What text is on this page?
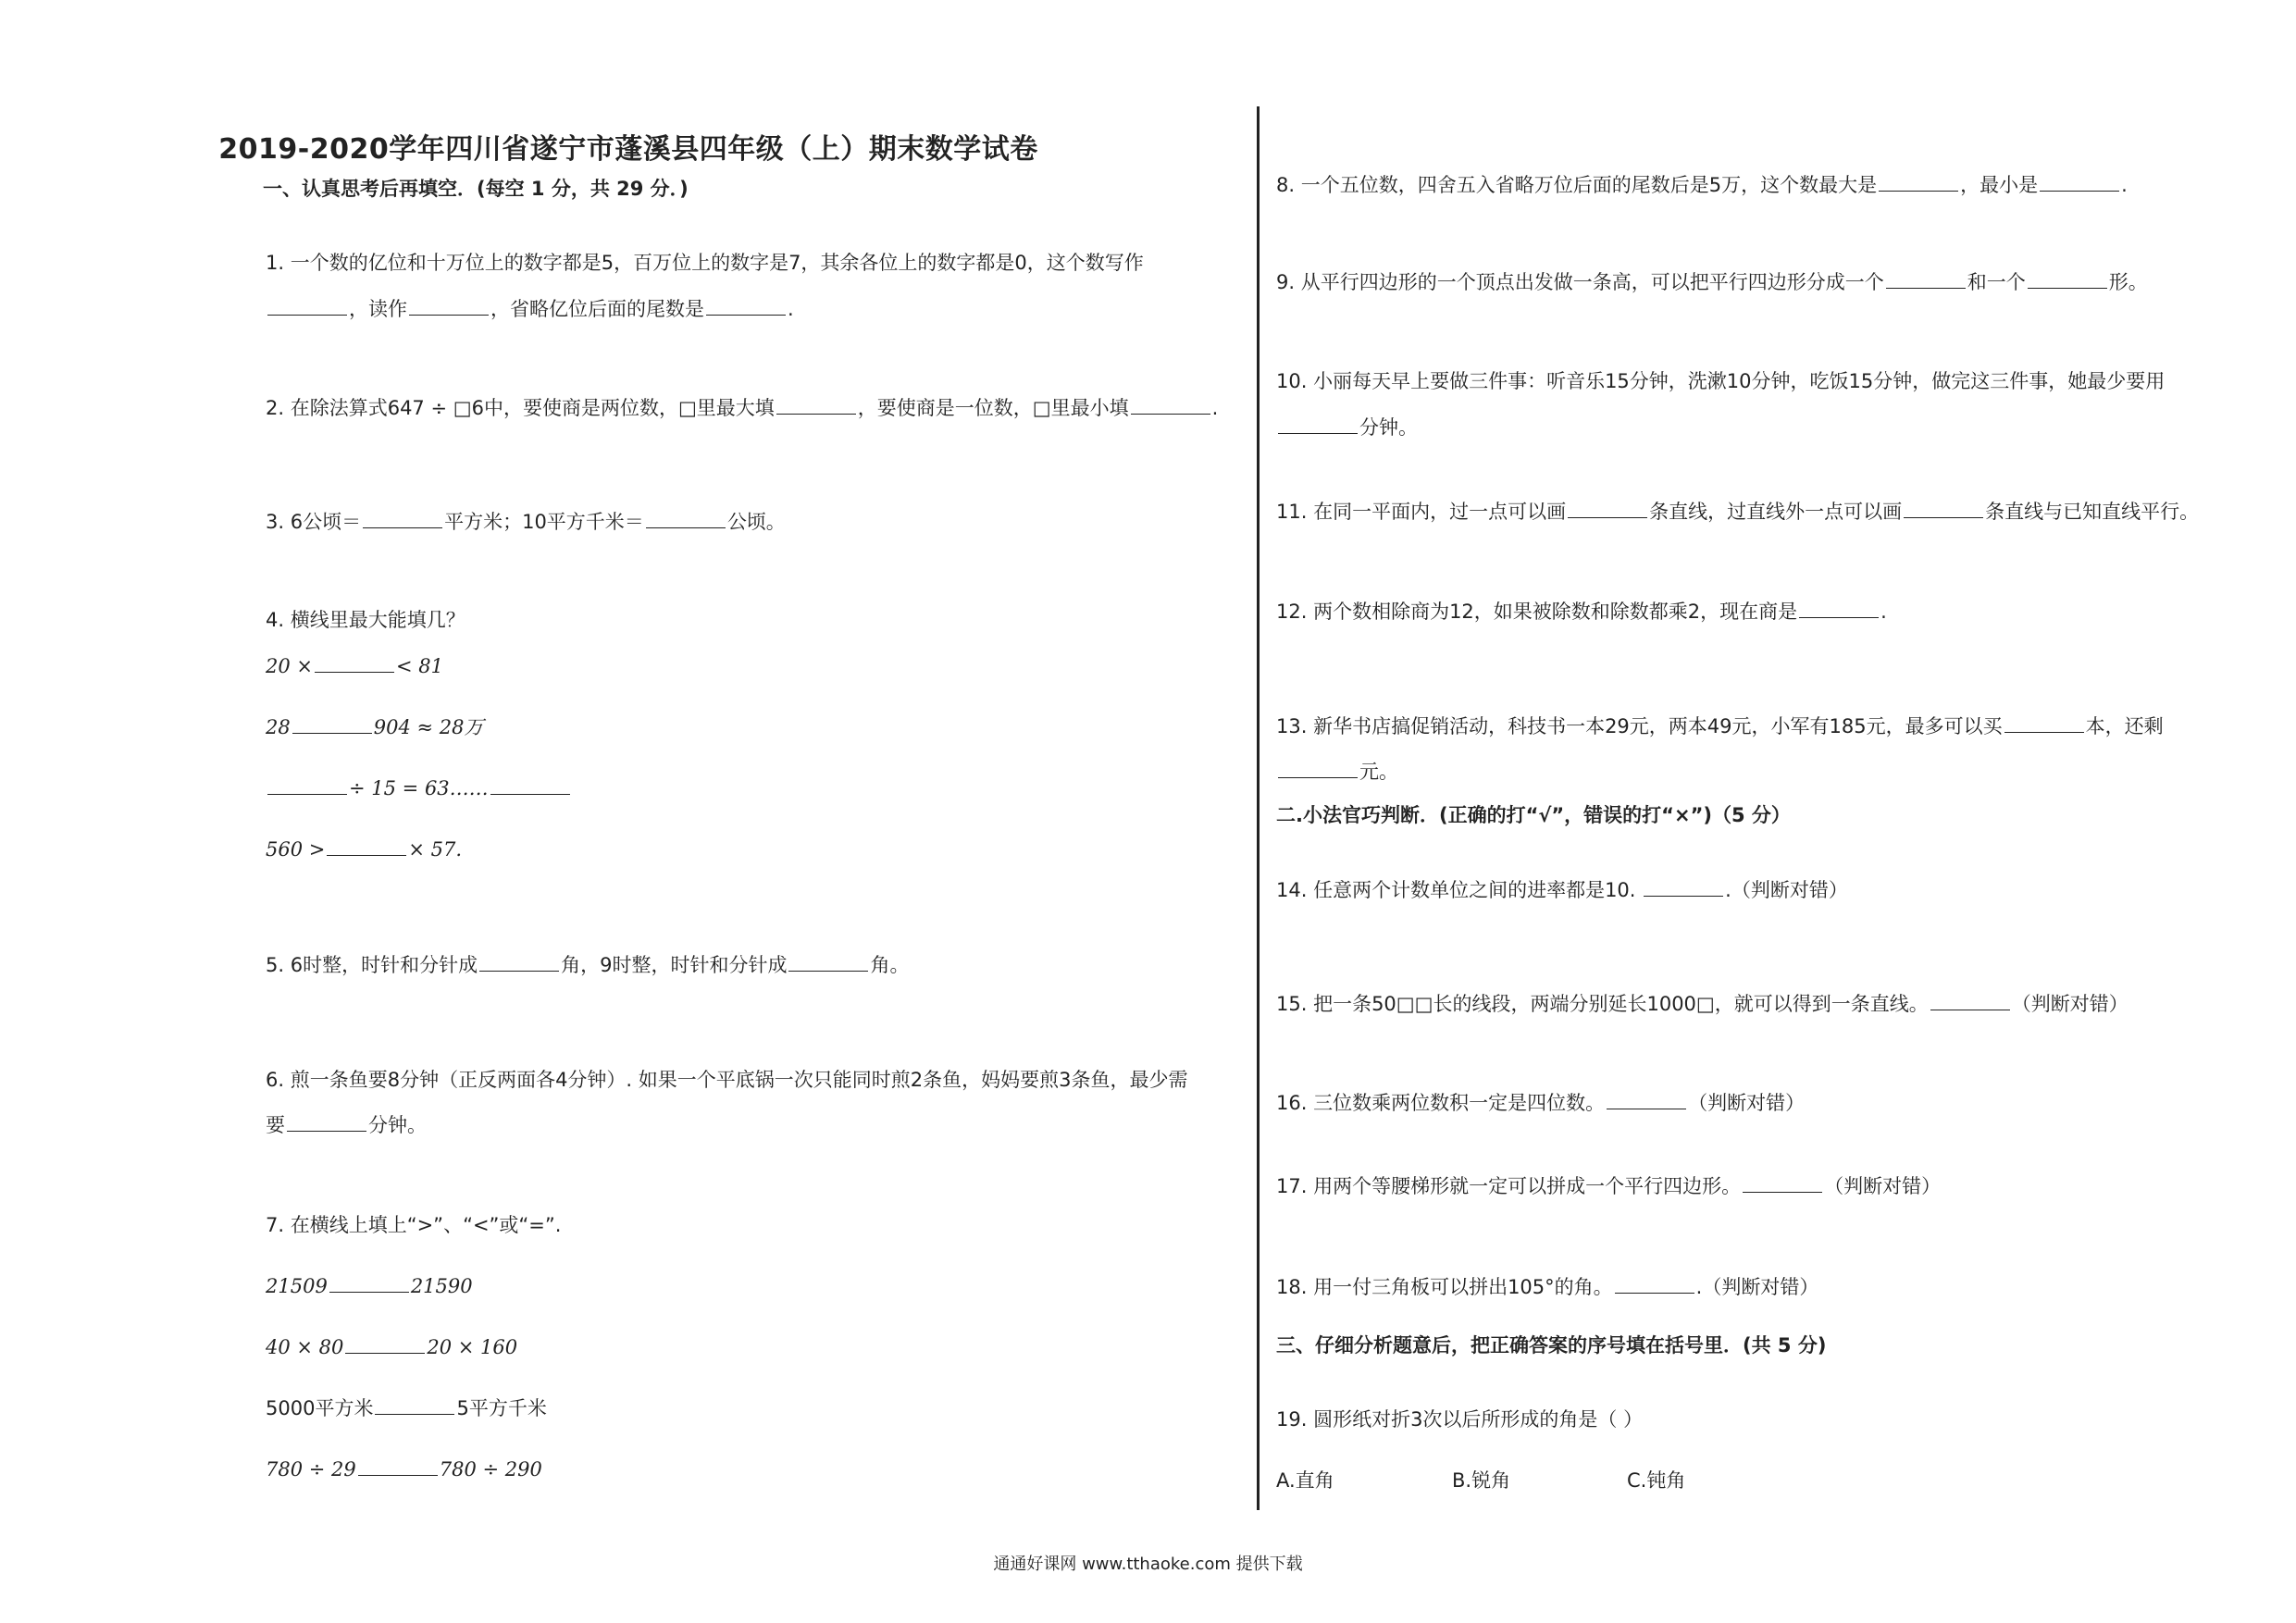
2019-2020学年四川省遂宁市蓬溪县四年级（上）期末数学试卷
一、认真思考后再填空．(每空 1 分，共 29 分．)
1. 一个数的亿位和十万位上的数字都是5，百万位上的数字是7，其余各位上的数字都是0，这个数写作
，读作	，省略亿位后面的尾数是	.
2. 在除法算式647 ÷ □6中，要使商是两位数，□里最大填	，要使商是一位数，□里最小填	.
3. 6公顷＝	平方米；10平方千米＝	公顷。
4. 横线里最大能填几？
20 ×	< 81
28	904 ≈ 28万
÷ 15 = 63……
560 >	× 57.
5. 6时整，时针和分针成	角，9时整，时针和分针成	角。
6. 煎一条鱼要8分钟（正反两面各4分钟）. 如果一个平底锅一次只能同时煎2条鱼，妈妈要煎3条鱼，最少需
要	分钟。
7. 在横线上填上“>”、“<”或“=”.
21509	21590
40 × 80	20 × 160
5000平方米	5平方千米
780 ÷ 29	780 ÷ 290
8. 一个五位数，四舍五入省略万位后面的尾数后是5万，这个数最大是	，最小是	.
9. 从平行四边形的一个顶点出发做一条高，可以把平行四边形分成一个	和一个	形。
10. 小丽每天早上要做三件事：听音乐15分钟，洗漱10分钟，吃饭15分钟，做完这三件事，她最少要用
分钟。
11. 在同一平面内，过一点可以画	条直线，过直线外一点可以画	条直线与已知直线平行。
12. 两个数相除商为12，如果被除数和除数都乘2，现在商是	.
13. 新华书店搞促销活动，科技书一本29元，两本49元，小军有185元，最多可以买	本，还剩
元。
二.小法官巧判断．(正确的打“√”，错误的打“×”)（5 分）
14. 任意两个计数单位之间的进率都是10.	.（判断对错）
15. 把一条50□□长的线段，两端分别延长1000□，就可以得到一条直线。	（判断对错）
16. 三位数乘两位数积一定是四位数。	（判断对错）
17. 用两个等腰梯形就一定可以拼成一个平行四边形。	（判断对错）
18. 用一付三角板可以拼出105°的角。	.（判断对错）
三、仔细分析题意后，把正确答案的序号填在括号里．(共 5 分)
19. 圆形纸对折3次以后所形成的角是（ ）
A.直角	B.锐角	C.钝角
通通好课网 www.tthaoke.com 提供下载
